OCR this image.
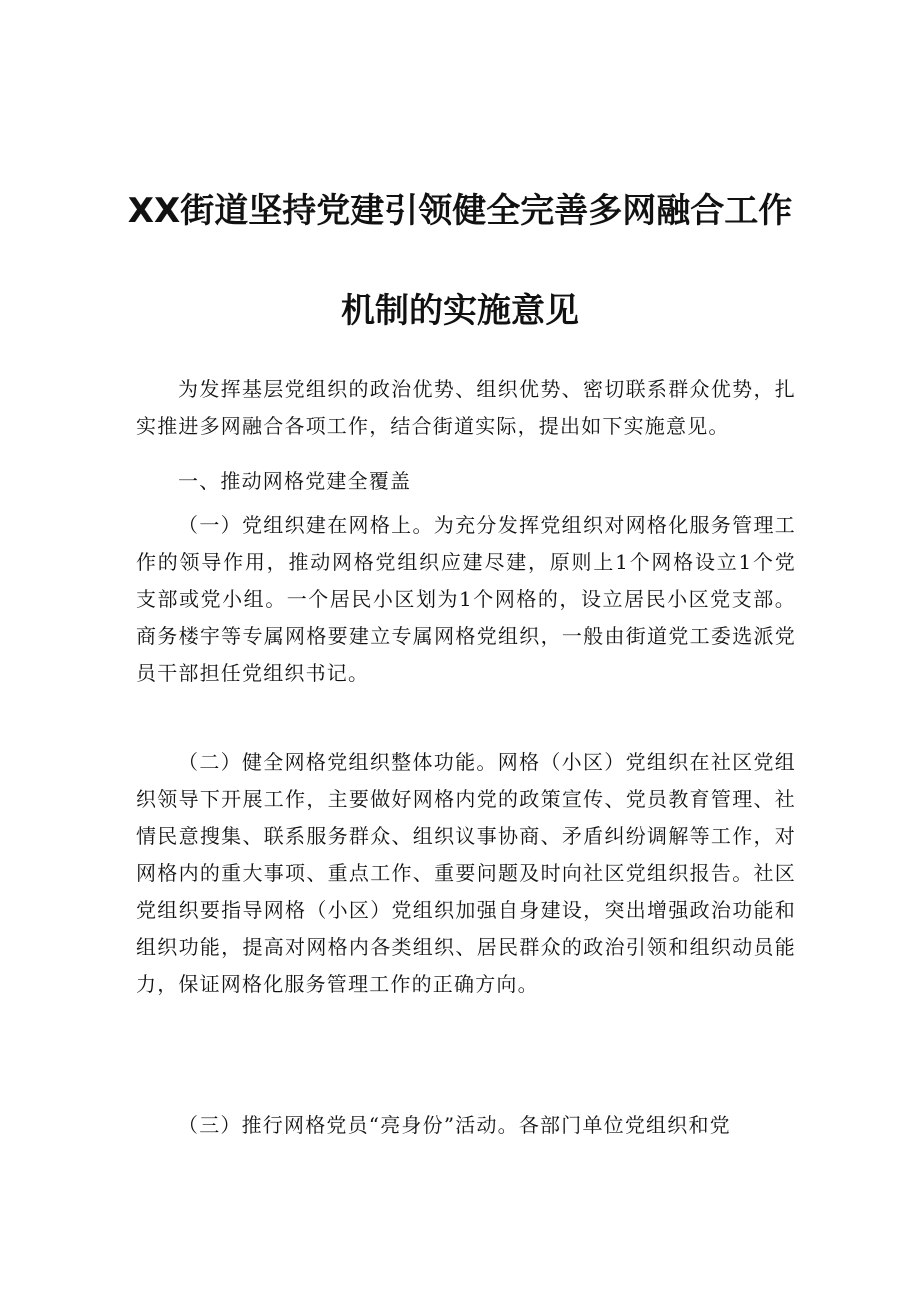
XX街道坚持党建引领健全完善多网融合工作
机制的实施意见

为发挥基层党组织的政治优势、组织优势、密切联系群众优势，扎实推进多网融合各项工作，结合街道实际，提出如下实施意见。

一、推动网格党建全覆盖

（一）党组织建在网格上。为充分发挥党组织对网格化服务管理工作的领导作用，推动网格党组织应建尽建，原则上1个网格设立1个党支部或党小组。一个居民小区划为1个网格的，设立居民小区党支部。商务楼宇等专属网格要建立专属网格党组织，一般由街道党工委选派党员干部担任党组织书记。

（二）健全网格党组织整体功能。网格（小区）党组织在社区党组织领导下开展工作，主要做好网格内党的政策宣传、党员教育管理、社情民意搜集、联系服务群众、组织议事协商、矛盾纠纷调解等工作，对网格内的重大事项、重点工作、重要问题及时向社区党组织报告。社区党组织要指导网格（小区）党组织加强自身建设，突出增强政治功能和组织功能，提高对网格内各类组织、居民群众的政治引领和组织动员能力，保证网格化服务管理工作的正确方向。

（三）推行网格党员“亮身份”活动。各部门单位党组织和党
